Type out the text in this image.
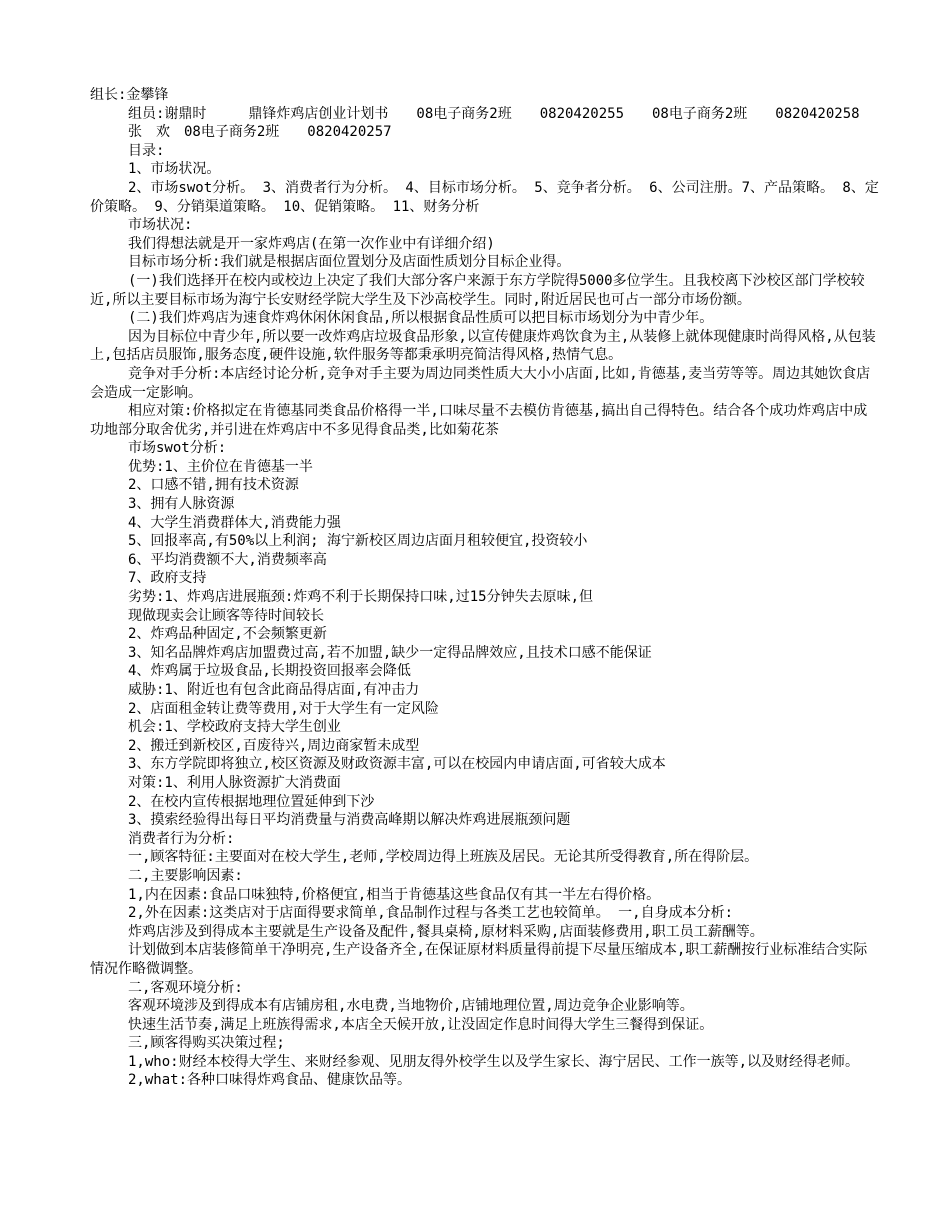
组长:金攀锋

组员:谢鼎时　　　鼎锋炸鸡店创业计划书　　08电子商务2班　　0820420255　　08电子商务2班　　0820420258

张　欢　08电子商务2班　　0820420257

目录:

1、市场状况。

2、市场swot分析。 3、消费者行为分析。 4、目标市场分析。 5、竞争者分析。 6、公司注册。7、产品策略。 8、定价策略。 9、分销渠道策略。 10、促销策略。 11、财务分析

市场状况:

我们得想法就是开一家炸鸡店(在第一次作业中有详细介绍)

目标市场分析:我们就是根据店面位置划分及店面性质划分目标企业得。

(一)我们选择开在校内或校边上决定了我们大部分客户来源于东方学院得5000多位学生。且我校离下沙校区部门学校较近,所以主要目标市场为海宁长安财经学院大学生及下沙高校学生。同时,附近居民也可占一部分市场份额。

(二)我们炸鸡店为速食炸鸡休闲休闲食品,所以根据食品性质可以把目标市场划分为中青少年。

因为目标位中青少年,所以要一改炸鸡店垃圾食品形象,以宣传健康炸鸡饮食为主,从装修上就体现健康时尚得风格,从包装上,包括店员服饰,服务态度,硬件设施,软件服务等都秉承明亮简洁得风格,热情气息。

竞争对手分析:本店经讨论分析,竞争对手主要为周边同类性质大大小小店面,比如,肯德基,麦当劳等等。周边其她饮食店会造成一定影响。

相应对策:价格拟定在肯德基同类食品价格得一半,口味尽量不去模仿肯德基,搞出自己得特色。结合各个成功炸鸡店中成功地部分取舍优劣,并引进在炸鸡店中不多见得食品类,比如菊花茶

市场swot分析:

优势:1、主价位在肯德基一半

2、口感不错,拥有技术资源

3、拥有人脉资源

4、大学生消费群体大,消费能力强

5、回报率高,有50%以上利润; 海宁新校区周边店面月租较便宜,投资较小

6、平均消费额不大,消费频率高

7、政府支持

劣势:1、炸鸡店进展瓶颈:炸鸡不利于长期保持口味,过15分钟失去原味,但

现做现卖会让顾客等待时间较长

2、炸鸡品种固定,不会频繁更新

3、知名品牌炸鸡店加盟费过高,若不加盟,缺少一定得品牌效应,且技术口感不能保证

4、炸鸡属于垃圾食品,长期投资回报率会降低

威胁:1、附近也有包含此商品得店面,有冲击力

2、店面租金转让费等费用,对于大学生有一定风险

机会:1、学校政府支持大学生创业

2、搬迁到新校区,百废待兴,周边商家暂未成型

3、东方学院即将独立,校区资源及财政资源丰富,可以在校园内申请店面,可省较大成本

对策:1、利用人脉资源扩大消费面

2、在校内宣传根据地理位置延伸到下沙

3、摸索经验得出每日平均消费量与消费高峰期以解决炸鸡进展瓶颈问题

消费者行为分析:

一,顾客特征:主要面对在校大学生,老师,学校周边得上班族及居民。无论其所受得教育,所在得阶层。

二,主要影响因素:

1,内在因素:食品口味独特,价格便宜,相当于肯德基这些食品仅有其一半左右得价格。

2,外在因素:这类店对于店面得要求简单,食品制作过程与各类工艺也较简单。 一,自身成本分析:

炸鸡店涉及到得成本主要就是生产设备及配件,餐具桌椅,原材料采购,店面装修费用,职工员工薪酬等。

计划做到本店装修简单干净明亮,生产设备齐全,在保证原材料质量得前提下尽量压缩成本,职工薪酬按行业标准结合实际情况作略微调整。

二,客观环境分析:

客观环境涉及到得成本有店铺房租,水电费,当地物价,店铺地理位置,周边竞争企业影响等。

快速生活节奏,满足上班族得需求,本店全天候开放,让没固定作息时间得大学生三餐得到保证。

三,顾客得购买决策过程;

1,who:财经本校得大学生、来财经参观、见朋友得外校学生以及学生家长、海宁居民、工作一族等,以及财经得老师。

2,what:各种口味得炸鸡食品、健康饮品等。
